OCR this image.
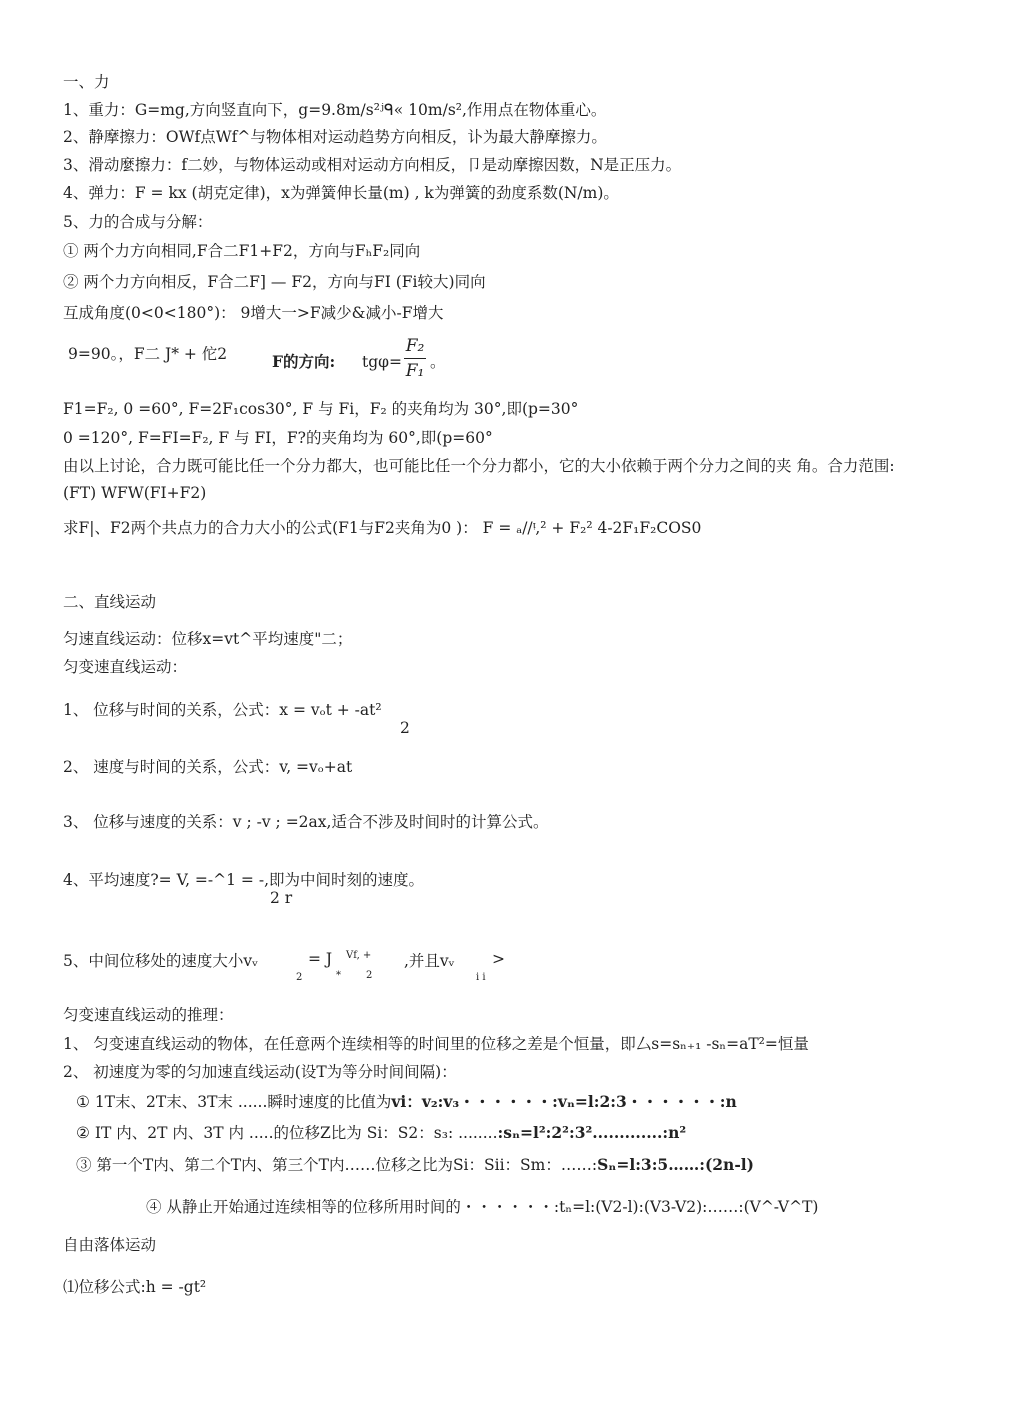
一、力
1、重力：G=mg,方向竖直向下，g=9.8m/s²ʲᑫ« 10m/s²,作用点在物体重心。
2、静摩擦力：OWf点Wf^与物体相对运动趋势方向相反，讣为最大静摩擦力。
3、滑动麼擦力：f二妙，与物体运动或相对运动方向相反，卩是动摩擦因数，N是正压力。
4、弹力：F = kx (胡克定律)，x为弹簧伸长量(m) , k为弹簧的劲度系数(N/m)。
5、力的合成与分解：
① 两个力方向相同,F合二F1+F2，方向与FₕF₂同向
② 两个力方向相反，F合二F] — F2，方向与FI (Fi较大)同向
互成角度(0<0<180°)： 9增大一>F减少&减小-F增大
9=90。，F二 J* + 佗2	F的方向: tgφ=
F₂
F₁ 。
F1=F₂, 0 =60°, F=2F₁cos30°, F 与 Fi，F₂ 的夹角均为 30°,即(p=30°
0 =120°, F=FI=F₂, F 与 FI，F?的夹角均为 60°,即(p=60°
由以上讨论，合力既可能比任一个分力都大，也可能比任一个分力都小，它的大小依赖于两个分力之间的夹 角。合力范围:(FT) WFW(FI+F2)
求F|、F2两个共点力的合力大小的公式(F1与F2夹角为0 )： F = ₐ//ᵎ,² + F₂² 4-2F₁F₂COS0
二、直线运动
匀速直线运动：位移x=vt^平均速度"二；
匀变速直线运动：
1、 位移与时间的关系，公式：x = vₒt + -at²
2
2、 速度与时间的关系，公式：v, =vₒ+at
3、 位移与速度的关系：v ; -v ; =2ax,适合不涉及时间时的计算公式。
4、平均速度?= V, =-^1 = -,即为中间时刻的速度。
2 r
5、中间位移处的速度大小vᵥ	= J Vf, + ,并且vᵥ >
2	*	2	i i
匀变速直线运动的推理：
1、 匀变速直线运动的物体，在任意两个连续相等的时间里的位移之差是个恒量，即厶s=sₙ₊₁ -sₙ=aT²=恒量
2、 初速度为零的匀加速直线运动(设T为等分时间间隔)：
① 1T末、2T末、3T末 ......瞬时速度的比值为vi：v₂:v₃・・・・・・:vₙ=l:2:3・・・・・・:n
② IT 内、2T 内、3T 内 .....的位移Z比为 Si：S2：s₃: ........:sₙ=l²:2²:3².............:n²
③ 第一个T内、第二个T内、第三个T内……位移之比为Si：Sii：Sm：……:Sₙ=l:3:5……:(2n-l)
④ 从静止开始通过连续相等的位移所用时间的・・・・・・:tₙ=l:(V2-l):(V3-V2):……:(V^-V^T)
自由落体运动
⑴位移公式:h = -gt²
